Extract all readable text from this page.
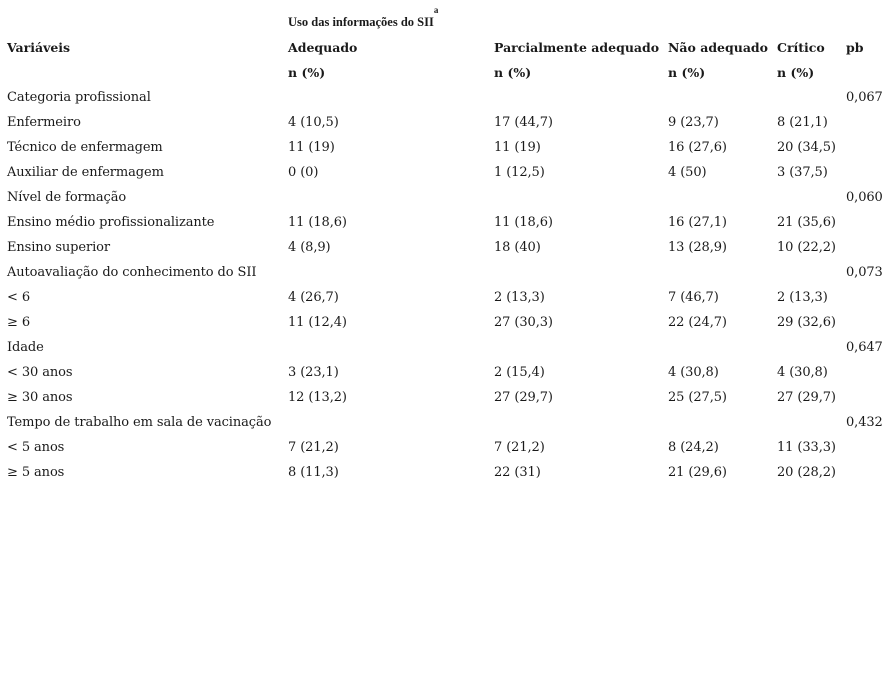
	Uso das informações do SII$^a$
Variáveis	Adequado	Parcialmente adequado	Não adequado	Crítico	pb
	n (%)	n (%)	n (%)	n (%)	
Categoria profissional					0,067
Enfermeiro	4 (10,5)	17 (44,7)	9 (23,7)	8 (21,1)	
Técnico de enfermagem	11 (19)	11 (19)	16 (27,6)	20 (34,5)	
Auxiliar de enfermagem	0 (0)	1 (12,5)	4 (50)	3 (37,5)	
Nível de formação					0,060
Ensino médio profissionalizante	11 (18,6)	11 (18,6)	16 (27,1)	21 (35,6)	
Ensino superior	4 (8,9)	18 (40)	13 (28,9)	10 (22,2)	
Autoavaliação do conhecimento do SII					0,073
< 6	4 (26,7)	2 (13,3)	7 (46,7)	2 (13,3)	
≥ 6	11 (12,4)	27 (30,3)	22 (24,7)	29 (32,6)	
Idade					0,647
< 30 anos	3 (23,1)	2 (15,4)	4 (30,8)	4 (30,8)	
≥ 30 anos	12 (13,2)	27 (29,7)	25 (27,5)	27 (29,7)	
Tempo de trabalho em sala de vacinação					0,432
< 5 anos	7 (21,2)	7 (21,2)	8 (24,2)	11 (33,3)	
≥ 5 anos	8 (11,3)	22 (31)	21 (29,6)	20 (28,2)	
